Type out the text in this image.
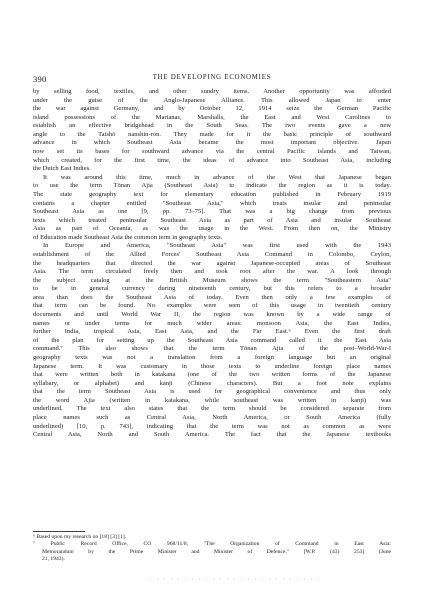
390	THE DEVELOPING ECONOMIES
by selling food, textiles, and other sundry items. Another opportunity was afforded
under the guise of the Anglo-Japanese Alliance. This allowed Japan to enter
the war against Germany, and by October 12, 1914 seize the German Pacific
island possessions of the Marianas, Marshalls, the East and West Carolines to
establish an effective bridgehead in the South Seas. The two events gave a new
angle to the Taishō nanshin-ron. They made for it the basic principle of southward
advance in which Southeast Asia became the most important objective. Japan
now set its bases for southward advance via the central Pacific islands and Taiwan,
which created, for the first time, the ideas of advance into Southeast Asia, including
the Dutch East Indies.
It was around this time, much in advance of the West that Japanese began
to use the term Tōnan Ajia (Southeast Asia) to indicate the region as it is today.
The state geography text for elementary education published in February 1919
contains a chapter entitled "Southeast Asia," which treats insular and peninsular
Southeast Asia as one [9, pp. 73–75]. That was a big change from previous
texts which treated peninsular Southeast Asia as part of Asia and insular Southeast
Asia as part of Oceania, as was the usage in the West. From then on, the Ministry
of Education made Southeast Asia the common term in geography texts.
In Europe and America, "Southeast Asia" was first used with the 1943
establishment of the Allied Forces' Southeast Asia Command in Colombo, Ceylon,
the headquarters that directed the war against Japanese-occupied areas of Southeast
Asia. The term circulated freely then and took root after the war. A look through
the subject catalog at the British Museum shows the term "Southeastern Asia"
to be in general currency during nineteenth century, but this refers to a broader
area than does the Southeast Asia of today. Even then only a few examples of
that term can be found. No examples were seen of this usage in twentieth century
documents and until World War II, the region was known by a wide range of
names or under terms for much wider areas: monsoon Asia, the East Indies,
further India, tropical Asia, East Asia, and the Far East.⁶ Even the first draft
of the plan for setting up the Southeast Asia command called it the East Asia
command.⁷ This also shows that the term Tōnan Ajia of the post–World-War-I
geography texts was not a translation from a foreign language but an original
Japanese term. It was customary in those texts to underline foreign place names
that were written both in katakana (one of the two written forms of the Japanese
syllabary, or alphabet) and kanji (Chinese characters). But a foot note explains
that the term Southeast Asia is used for geographical convenience and thus only
the word Ajia (written in katakana, while southeast was written in kanji) was
underlined. The text also states that the term should be considered separate from
place names such as Central Asia, North America, or South America (fully
underlined) [10, p. 743], indicating that the term was not as common as were
Central Asia, North and South America. The fact that the Japanese textbooks
⁶ Based upon my research on [18] [3] [1].
⁷ Public Record Office, CO 968/11/8, "The Organization of Command in East Asia:
Memorandum by the Prime Minister and Minister of Defence," [W.P. (43) 253] (June
21, 1943).
